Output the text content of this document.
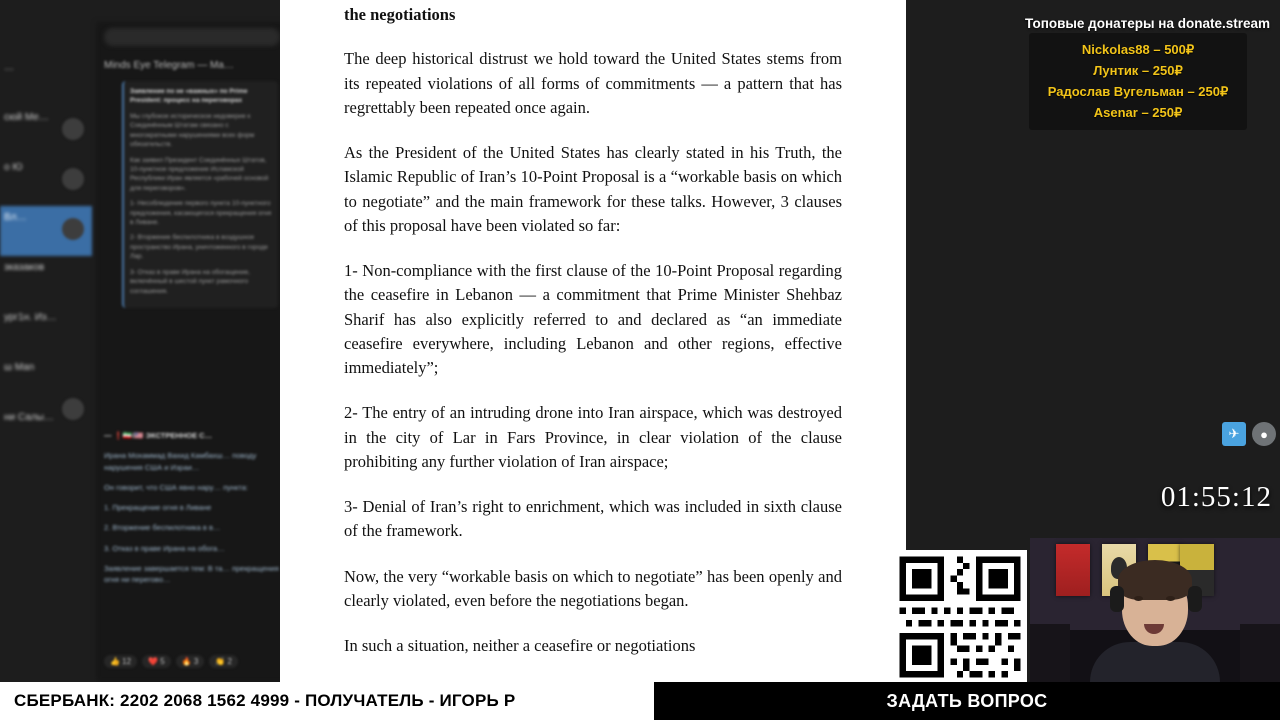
…
сюй Ме…
о Ю
Вл…
зказаков
ург1н. Из…
ш Man
ни Салы…
Minds Eye Telegram — Ma…

Заявление по не «важных» по Prime President: процесс на переговорах

Мы глубокое историческое недоверие к Соединённым Штатам связано с многократными нарушениями всех форм обязательств.

Как заявил Президент Соединённых Штатов, 10-пунктное предложение Исламской Республики Иран является «рабочей основой для переговоров».

1- Несоблюдение первого пункта 10-пунктного предложения, касающегося прекращения огня в Ливане.

2- Вторжение беспилотника в воздушное пространство Ирана, уничтоженного в городе Лар.

3- Отказ в праве Ирана на обогащение, включённый в шестой пункт рамочного соглашения.

— ❗️🇮🇷/🇺🇸 ЭКСТРЕННОЕ С…

Ирана Мохаммад Вахид Камбахш… поводу нарушения США и Израи…

Он говорит, что США явно нару… пункта:

1. Прекращение огня в Ливане

2. Вторжение беспилотника в в…

3. Отказ в праве Ирана на обога…

Заявление завершается тем: В та… прекращения огня ни перегово…

👍 12	❤️ 5	🔥 3	👏 2
the negotiations

The deep historical distrust we hold toward the United States stems from its repeated violations of all forms of commitments — a pattern that has regrettably been repeated once again.

As the President of the United States has clearly stated in his Truth, the Islamic Republic of Iran’s 10-Point Proposal is a “workable basis on which to negotiate” and the main framework for these talks. However, 3 clauses of this proposal have been violated so far:

1- Non-compliance with the first clause of the 10-Point Proposal regarding the ceasefire in Lebanon — a commitment that Prime Minister Shehbaz Sharif has also explicitly referred to and declared as “an immediate ceasefire everywhere, including Lebanon and other regions, effective immediately”;

2- The entry of an intruding drone into Iran airspace, which was destroyed in the city of Lar in Fars Province, in clear violation of the clause prohibiting any further violation of Iran airspace;

3- Denial of Iran’s right to enrichment, which was included in sixth clause of the framework.

Now, the very “workable basis on which to negotiate” has been openly and clearly violated, even before the negotiations began.

In such a situation, neither a ceasefire or negotiations

Топовые донатеры на donate.stream
Nickolas88 – 500₽
Лунтик – 250₽
Радослав Вугельман – 250₽
Asenar – 250₽
✈ ●
01:55:12
СБЕРБАНК: 2202 2068 1562 4999 - ПОЛУЧАТЕЛЬ - ИГОРЬ Р	ЗАДАТЬ ВОПРОС
